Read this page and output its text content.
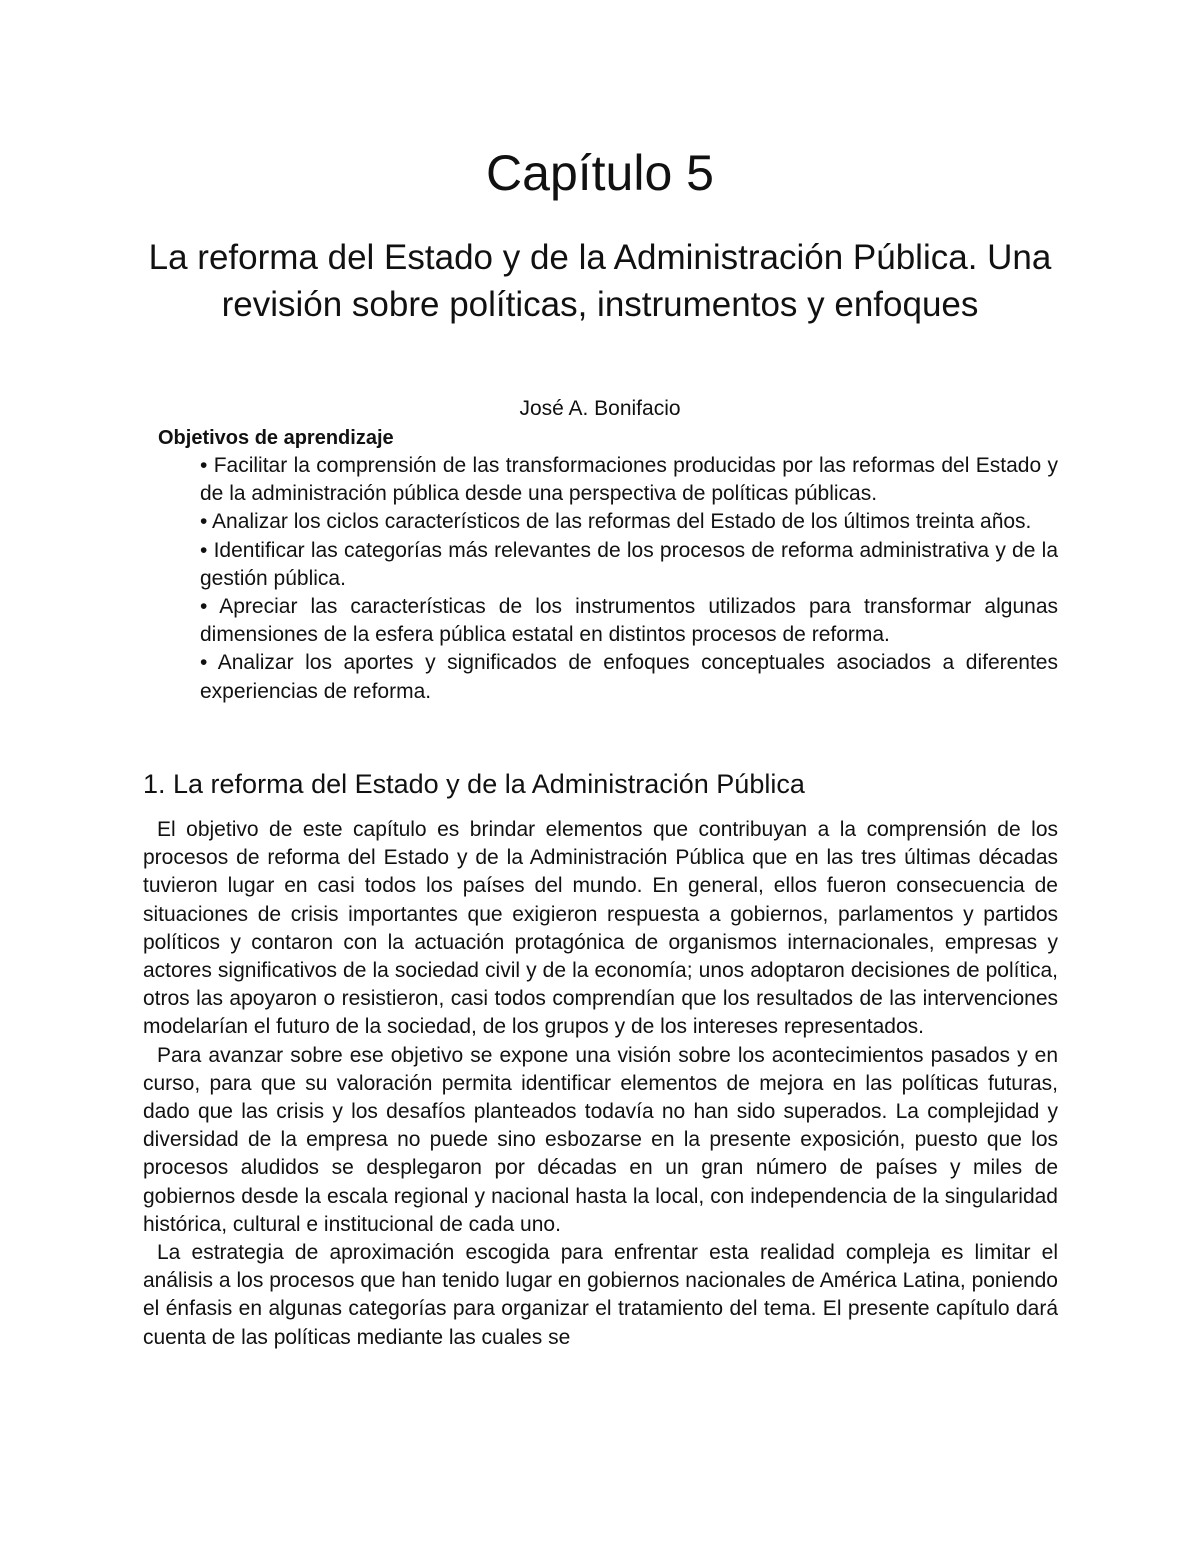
Capítulo 5
La reforma del Estado y de la Administración Pública. Una revisión sobre políticas, instrumentos y enfoques

José A. Bonifacio

Objetivos de aprendizaje

• Facilitar la comprensión de las transformaciones producidas por las reformas del Estado y de la administración pública desde una perspectiva de políticas públicas.
• Analizar los ciclos característicos de las reformas del Estado de los últimos treinta años.
• Identificar las categorías más relevantes de los procesos de reforma administrativa y de la gestión pública.
• Apreciar las características de los instrumentos utilizados para transformar algunas dimensiones de la esfera pública estatal en distintos procesos de reforma.
• Analizar los aportes y significados de enfoques conceptuales asociados a diferentes experiencias de reforma.
1. La reforma del Estado y de la Administración Pública

El objetivo de este capítulo es brindar elementos que contribuyan a la comprensión de los procesos de reforma del Estado y de la Administración Pública que en las tres últimas décadas tuvieron lugar en casi todos los países del mundo. En general, ellos fueron consecuencia de situaciones de crisis importantes que exigieron respuesta a gobiernos, parlamentos y partidos políticos y contaron con la actuación protagónica de organismos internacionales, empresas y actores significativos de la sociedad civil y de la economía; unos adoptaron decisiones de política, otros las apoyaron o resistieron, casi todos comprendían que los resultados de las intervenciones modelarían el futuro de la sociedad, de los grupos y de los intereses representados.

Para avanzar sobre ese objetivo se expone una visión sobre los acontecimientos pasados y en curso, para que su valoración permita identificar elementos de mejora en las políticas futuras, dado que las crisis y los desafíos planteados todavía no han sido superados. La complejidad y diversidad de la empresa no puede sino esbozarse en la presente exposición, puesto que los procesos aludidos se desplegaron por décadas en un gran número de países y miles de gobiernos desde la escala regional y nacional hasta la local, con independencia de la singularidad histórica, cultural e institucional de cada uno.

La estrategia de aproximación escogida para enfrentar esta realidad compleja es limitar el análisis a los procesos que han tenido lugar en gobiernos nacionales de América Latina, poniendo el énfasis en algunas categorías para organizar el tratamiento del tema. El presente capítulo dará cuenta de las políticas mediante las cuales se
